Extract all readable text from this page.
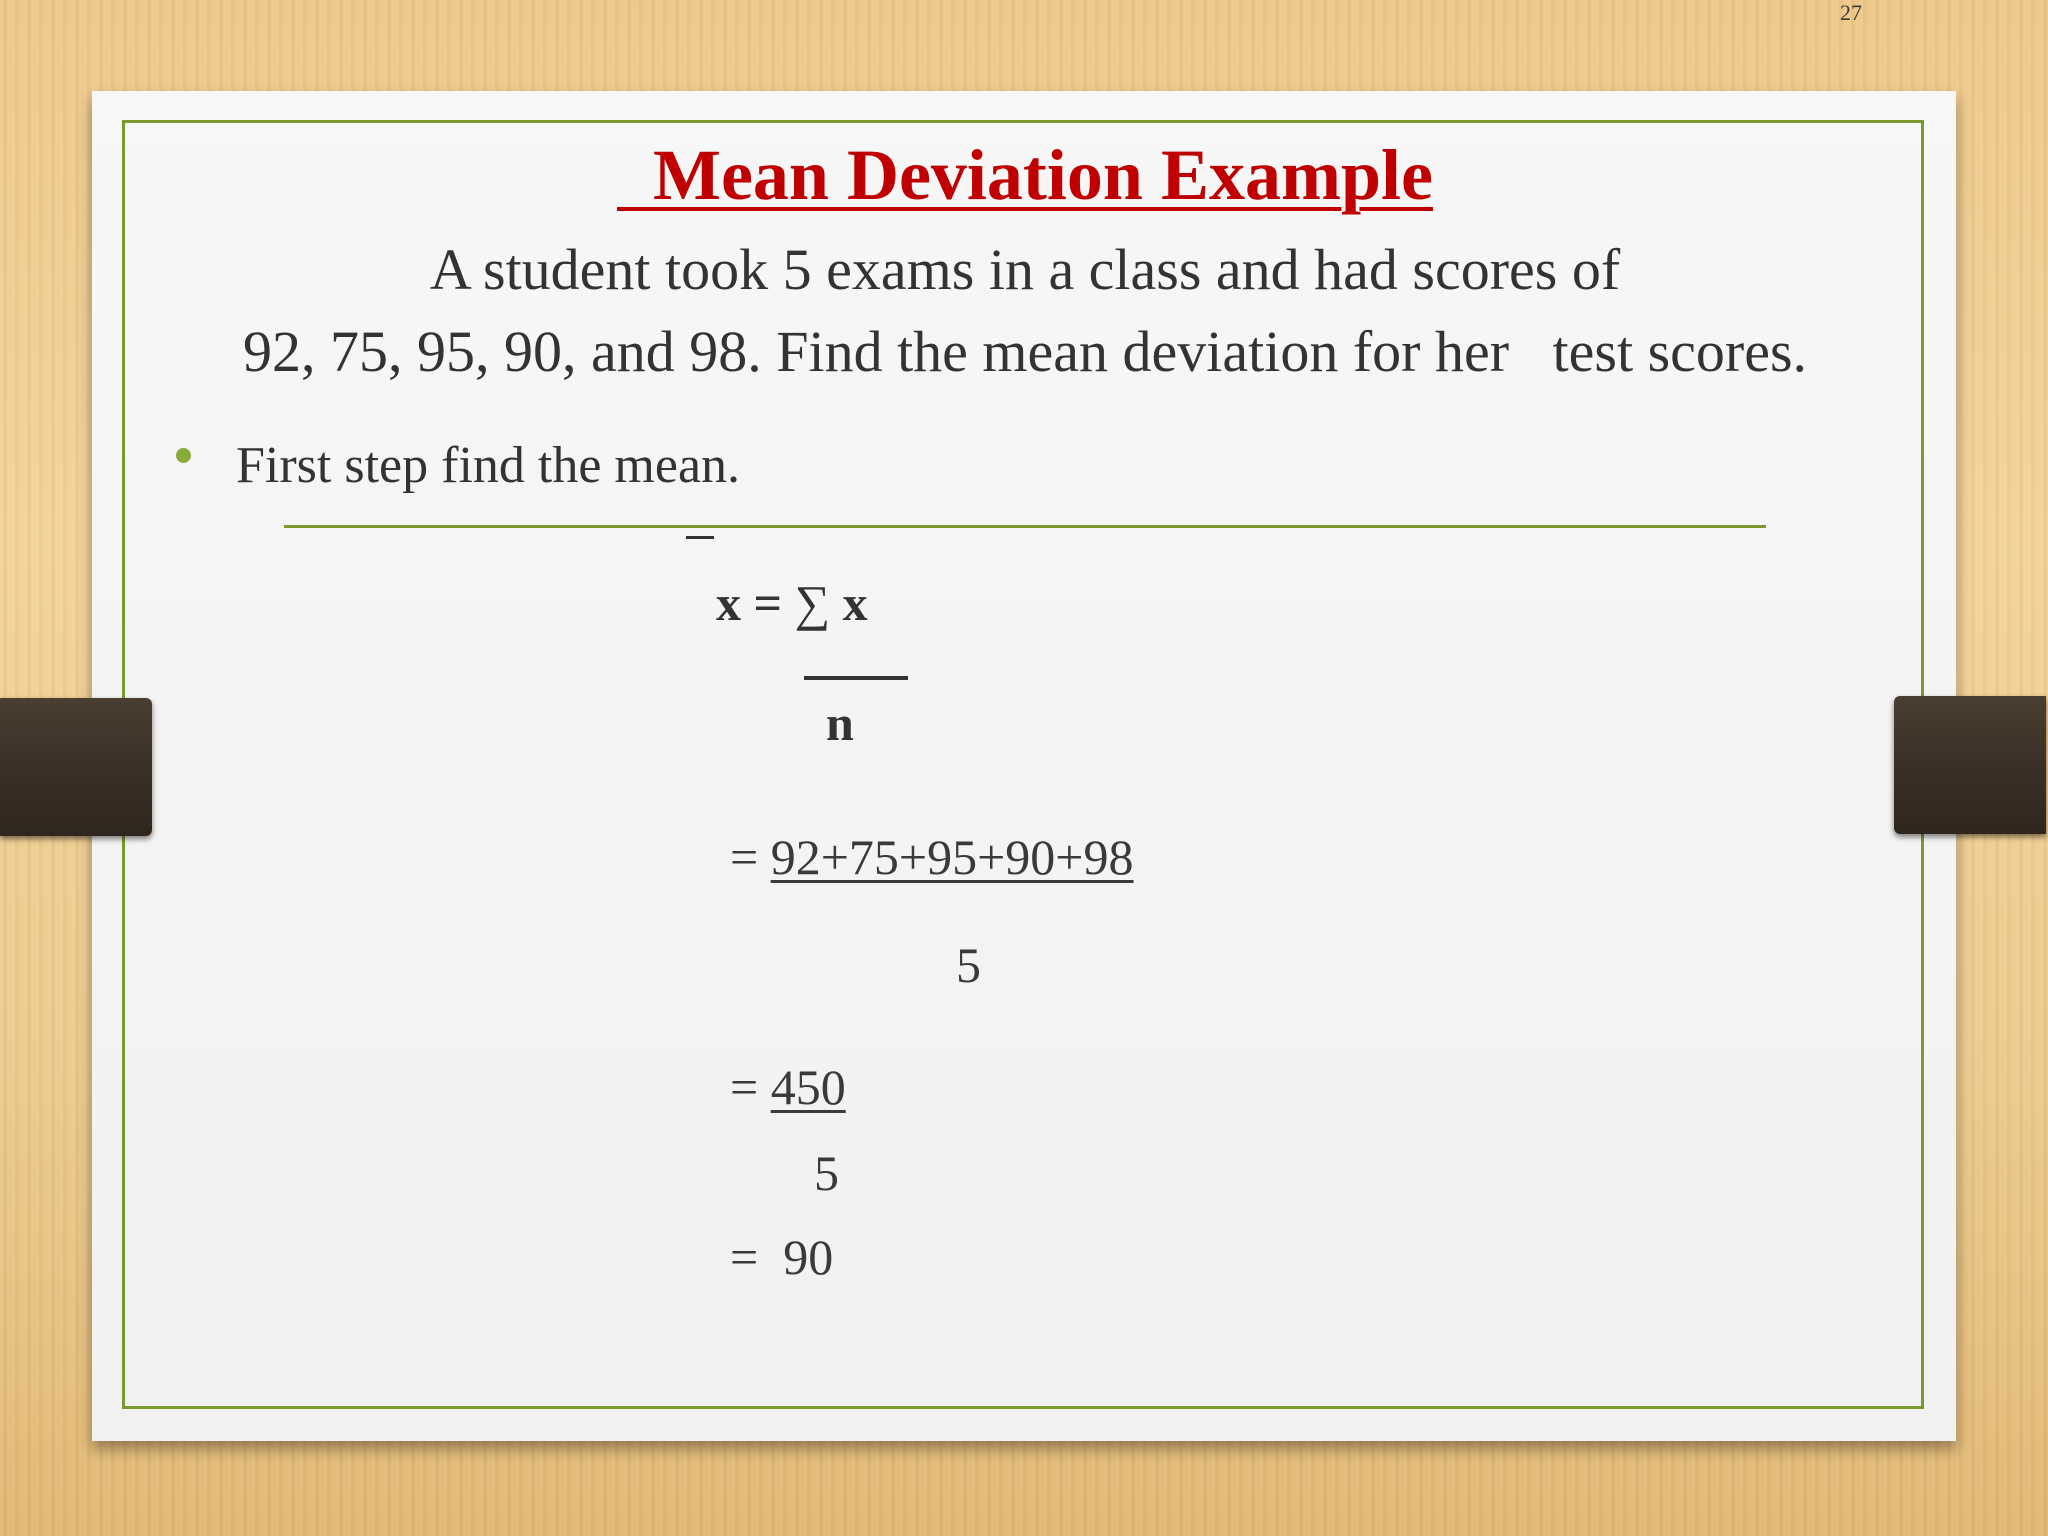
27
Mean Deviation Example
A student took 5 exams in a class and had scores of
92, 75, 95, 90, and 98. Find the mean deviation for her   test scores.
First step find the mean.
x = ∑ x
n
= 92+75+95+90+98
5
= 450
5
=  90
